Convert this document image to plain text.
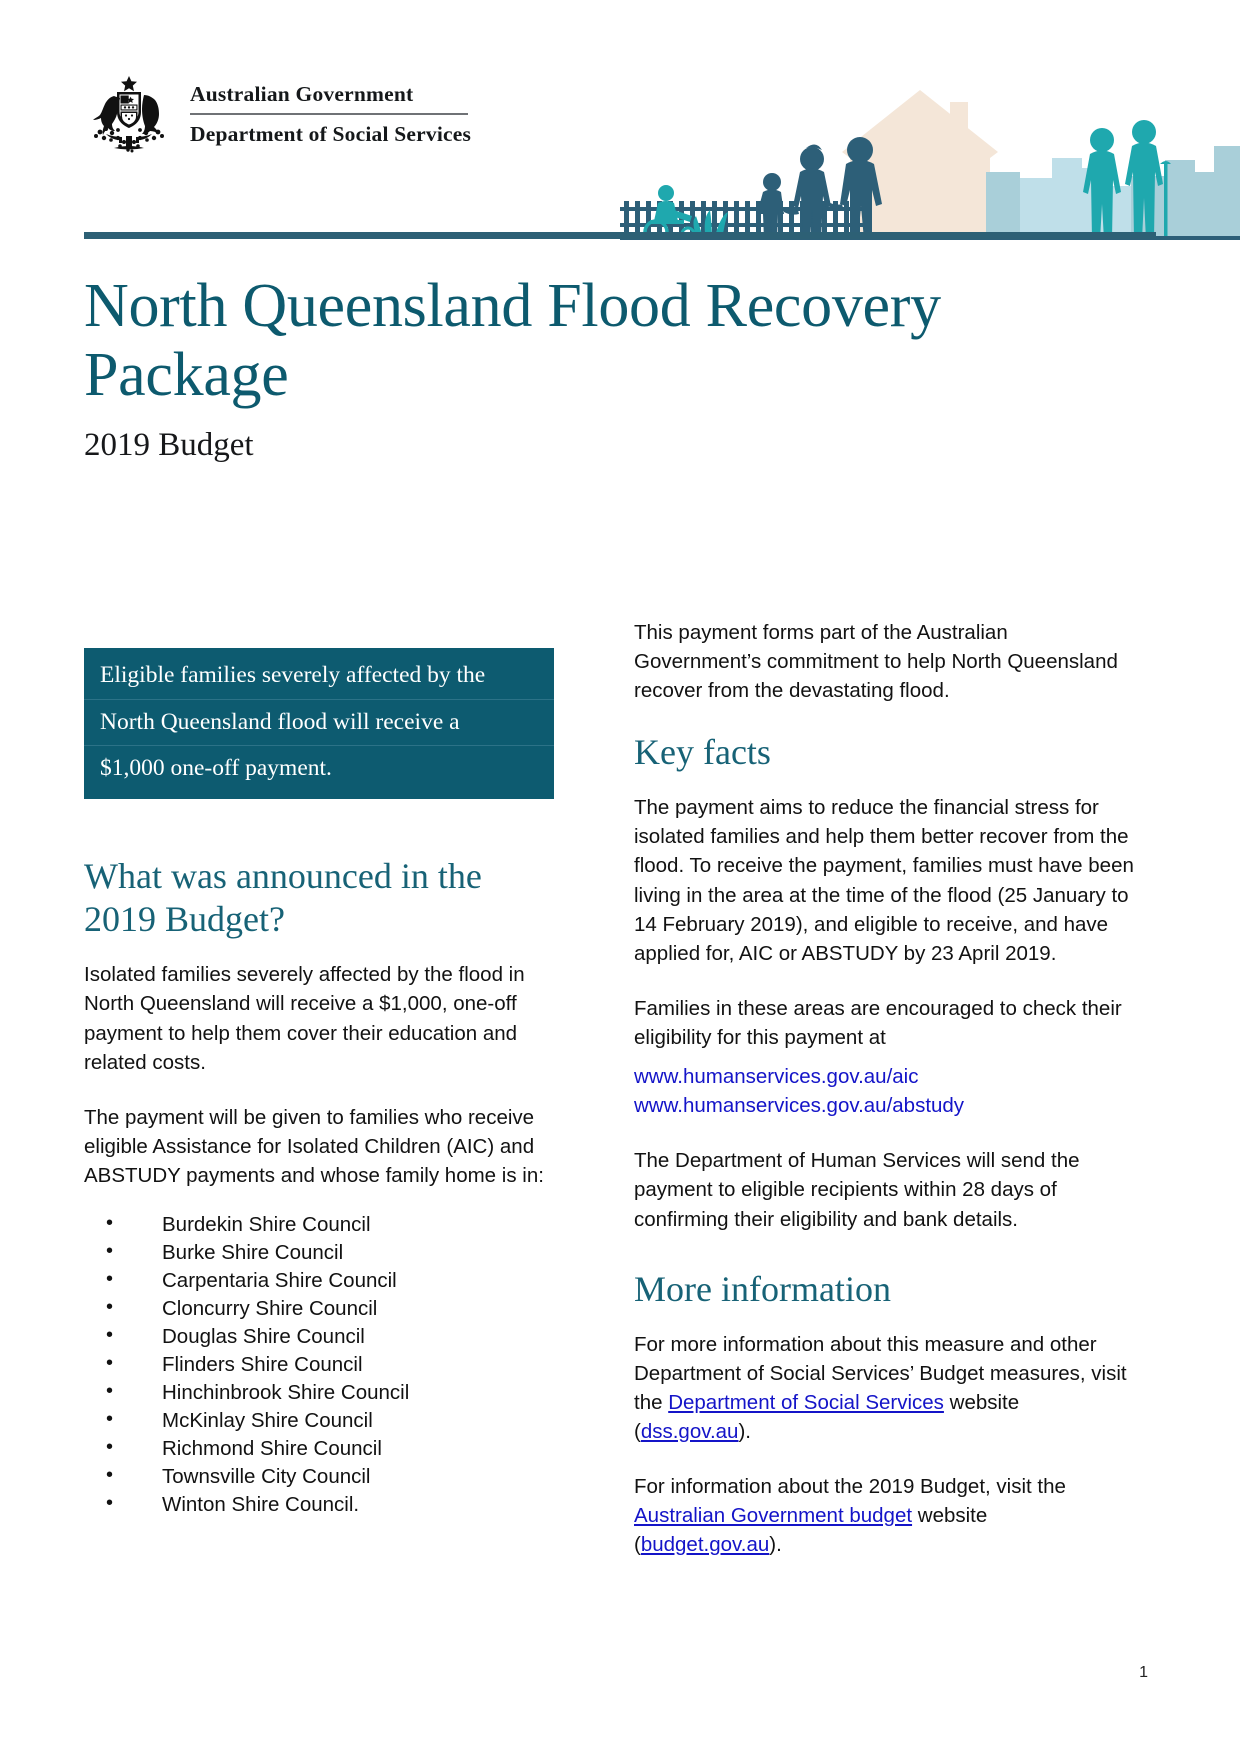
Australian Government
Department of Social Services
North Queensland Flood Recovery Package
2019 Budget
Eligible families severely affected by the
North Queensland flood will receive a
$1,000 one-off payment.
What was announced in the 2019 Budget?

Isolated families severely affected by the flood in North Queensland will receive a $1,000, one-off payment to help them cover their education and related costs.

The payment will be given to families who receive eligible Assistance for Isolated Children (AIC) and ABSTUDY payments and whose family home is in:

• Burdekin Shire Council
• Burke Shire Council
• Carpentaria Shire Council
• Cloncurry Shire Council
• Douglas Shire Council
• Flinders Shire Council
• Hinchinbrook Shire Council
• McKinlay Shire Council
• Richmond Shire Council
• Townsville City Council
• Winton Shire Council.

This payment forms part of the Australian Government’s commitment to help North Queensland recover from the devastating flood.

Key facts

The payment aims to reduce the financial stress for isolated families and help them better recover from the flood. To receive the payment, families must have been living in the area at the time of the flood (25 January to 14 February 2019), and eligible to receive, and have applied for, AIC or ABSTUDY by 23 April 2019.

Families in these areas are encouraged to check their eligibility for this payment at

www.humanservices.gov.au/aic
www.humanservices.gov.au/abstudy

The Department of Human Services will send the payment to eligible recipients within 28 days of confirming their eligibility and bank details.

More information

For more information about this measure and other Department of Social Services’ Budget measures, visit the Department of Social Services website (dss.gov.au).

For information about the 2019 Budget, visit the Australian Government budget website (budget.gov.au).

1
